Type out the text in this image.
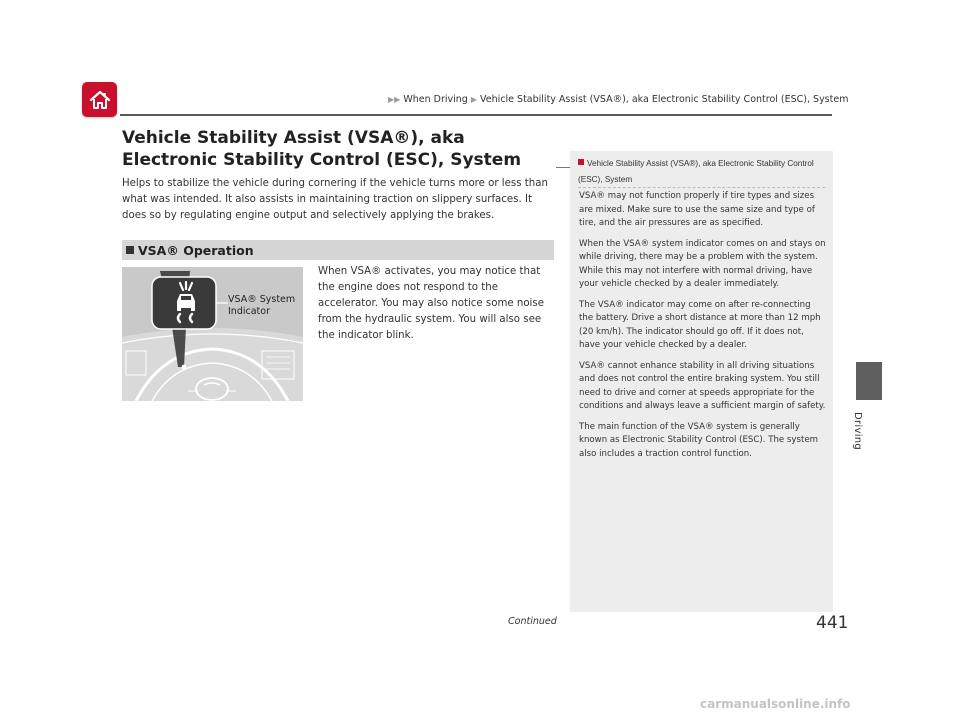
▶▶ When Driving ▶ Vehicle Stability Assist (VSA®), aka Electronic Stability Control (ESC), System
Vehicle Stability Assist (VSA®), aka Electronic Stability Control (ESC), System

Helps to stabilize the vehicle during cornering if the vehicle turns more or less than what was intended. It also assists in maintaining traction on slippery surfaces. It does so by regulating engine output and selectively applying the brakes.

VSA® Operation
VSA® System Indicator

When VSA® activates, you may notice that the engine does not respond to the accelerator. You may also notice some noise from the hydraulic system. You will also see the indicator blink.

Vehicle Stability Assist (VSA®), aka Electronic Stability Control (ESC), System

VSA® may not function properly if tire types and sizes are mixed. Make sure to use the same size and type of tire, and the air pressures are as specified.

When the VSA® system indicator comes on and stays on while driving, there may be a problem with the system. While this may not interfere with normal driving, have your vehicle checked by a dealer immediately.

The VSA® indicator may come on after re-connecting the battery. Drive a short distance at more than 12 mph (20 km/h). The indicator should go off. If it does not, have your vehicle checked by a dealer.

VSA® cannot enhance stability in all driving situations and does not control the entire braking system. You still need to drive and corner at speeds appropriate for the conditions and always leave a sufficient margin of safety.

The main function of the VSA® system is generally known as Electronic Stability Control (ESC). The system also includes a traction control function.

Driving
Continued	441
carmanualsonline.info
